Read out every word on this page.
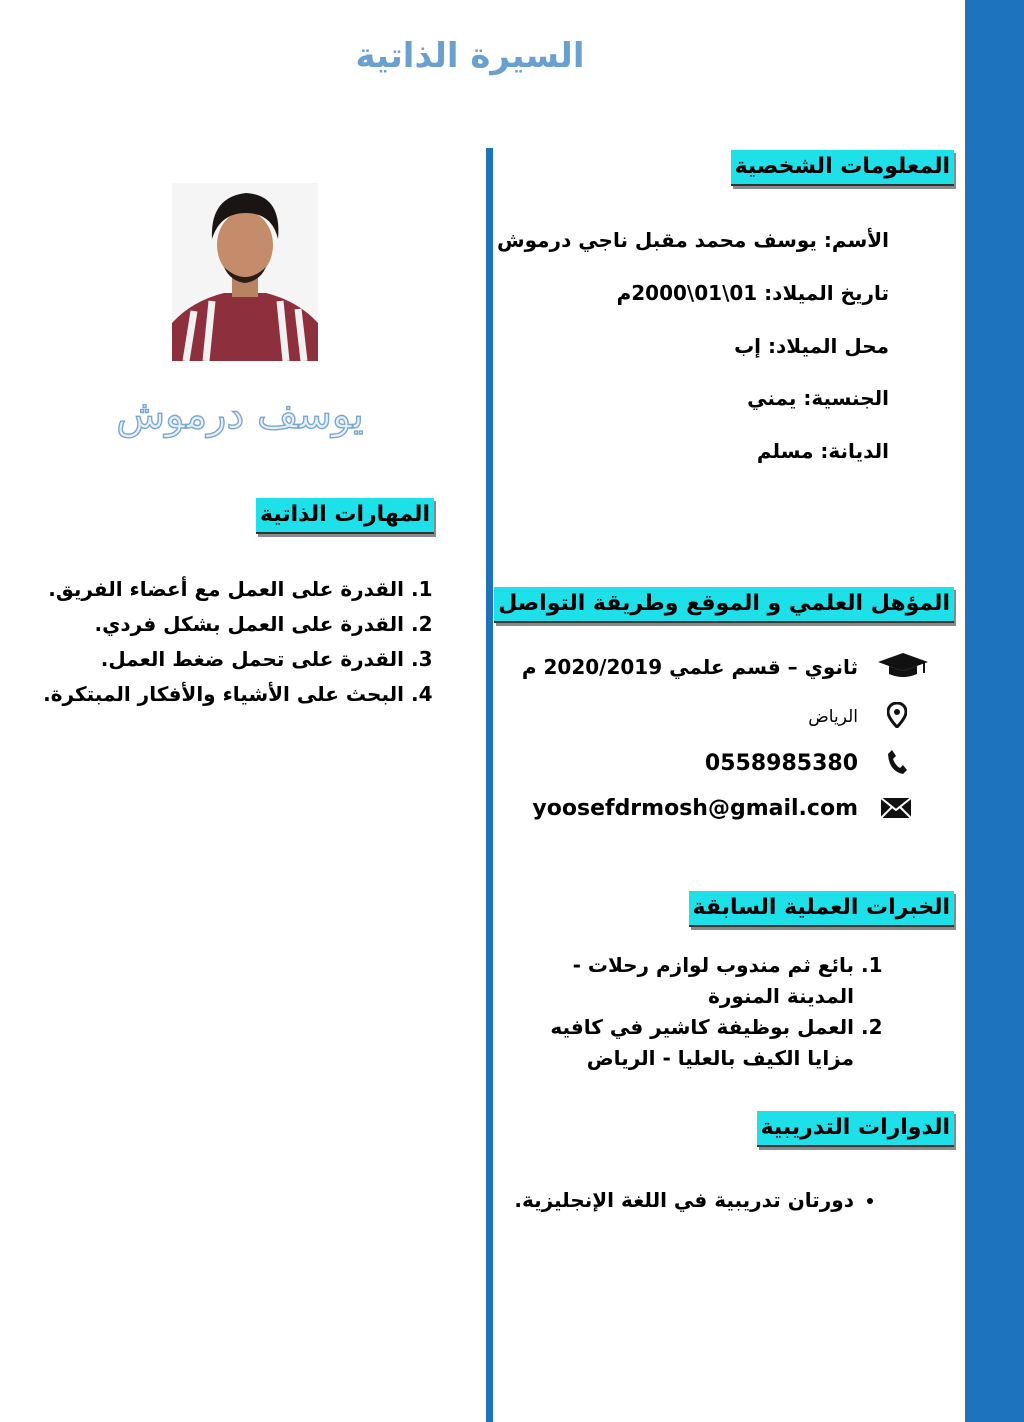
السيرة الذاتية
المعلومات الشخصية
الأسم: يوسف محمد مقبل ناجي درموش
تاريخ الميلاد: 01\01\2000م
محل الميلاد: إب
الجنسية: يمني
الديانة: مسلم
يوسف درموش
المهارات الذاتية
1. القدرة على العمل مع أعضاء الفريق.
2. القدرة على العمل بشكل فردي.
3. القدرة على تحمل ضغط العمل.
4. البحث على الأشياء والأفكار المبتكرة.
المؤهل العلمي و الموقع وطريقة التواصل
ثانوي – قسم علمي 2020/2019 م
الرياض
0558985380
yoosefdrmosh@gmail.com
الخبرات العملية السابقة
1. بائع ثم مندوب لوازم رحلات - المدينة المنورة
2. العمل بوظيفة كاشير في كافيه مزايا الكيف بالعليا - الرياض
الدوارات التدريبية
• دورتان تدريبية في اللغة الإنجليزية.
